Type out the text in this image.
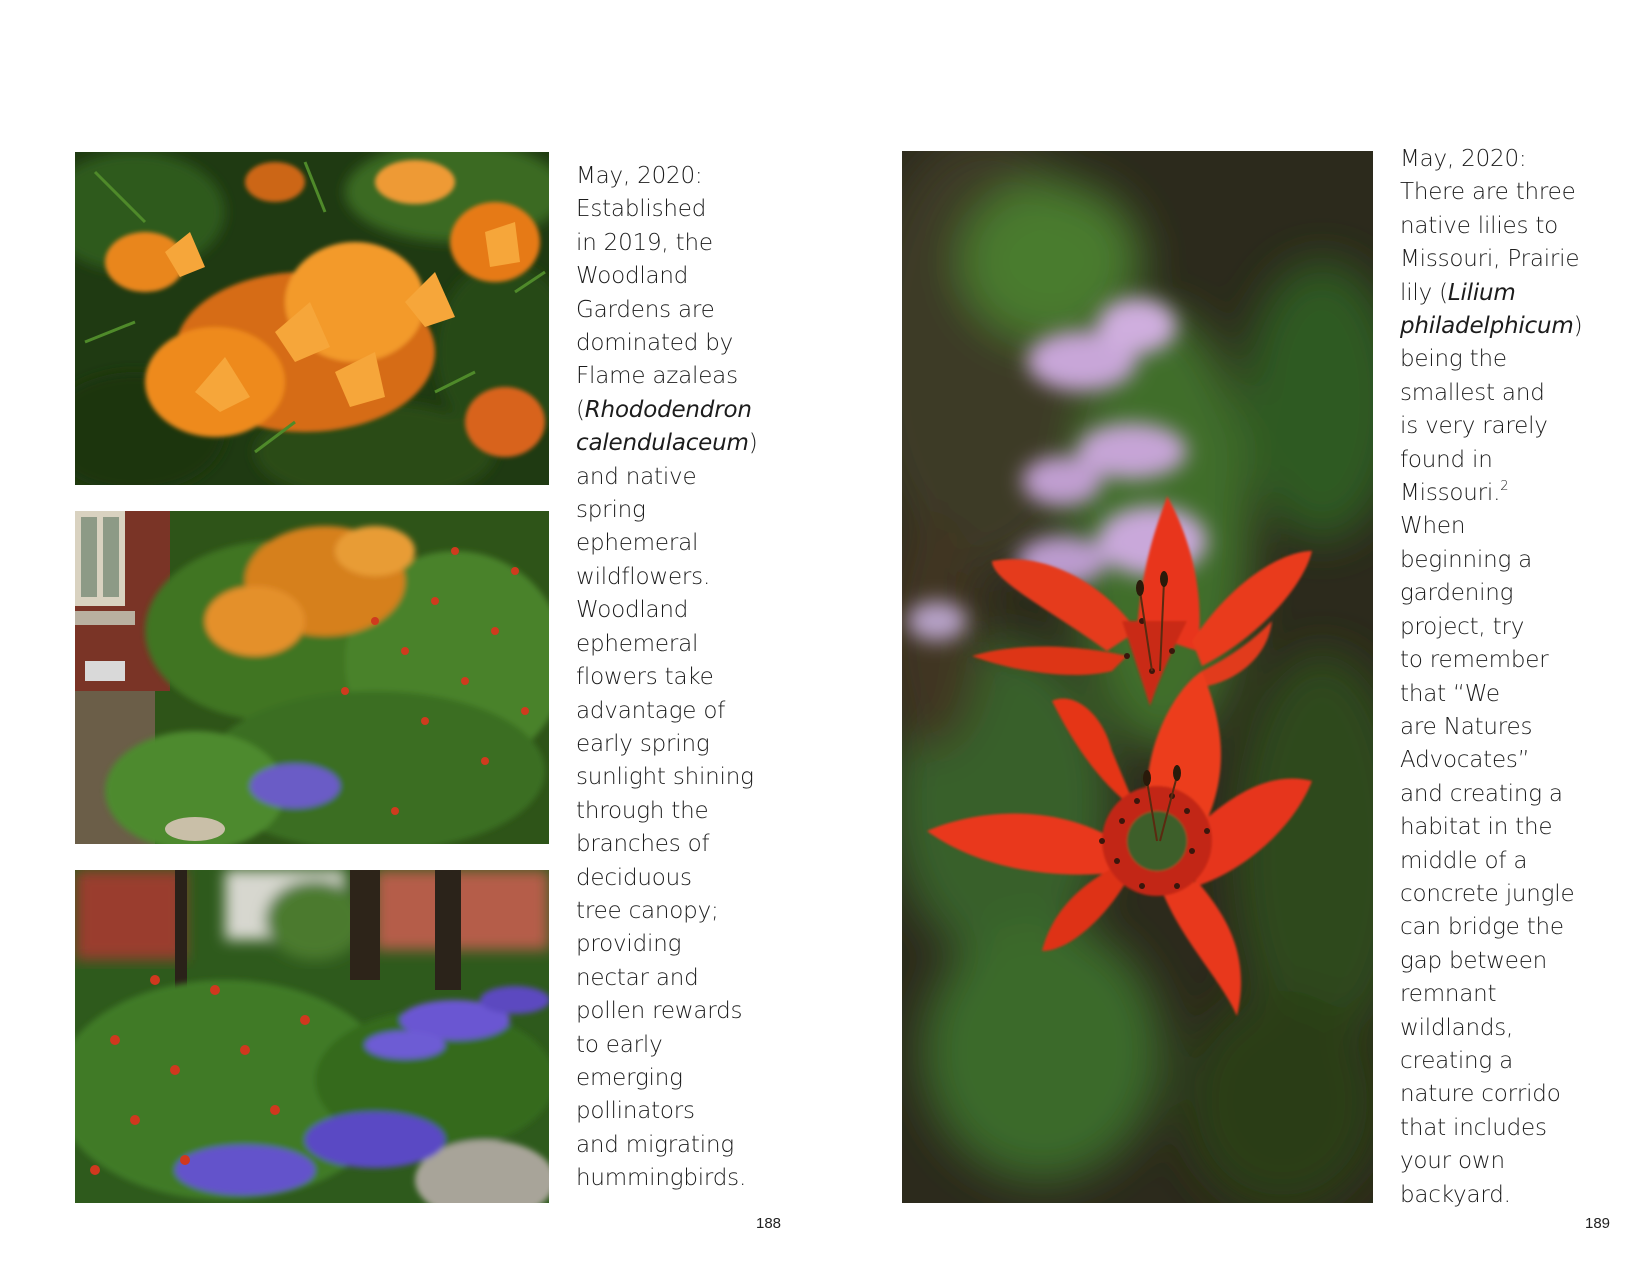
May, 2020:
Established
in 2019, the
Woodland
Gardens are
dominated by
Flame azaleas
(Rhododendron
calendulaceum)
and native
spring
ephemeral
wildflowers.
Woodland
ephemeral
flowers take
advantage of
early spring
sunlight shining
through the
branches of
deciduous
tree canopy;
providing
nectar and
pollen rewards
to early
emerging
pollinators
and migrating
hummingbirds.
188
May, 2020:
There are three
native lilies to
Missouri, Prairie
lily (Lilium
philadelphicum)
being the
smallest and
is very rarely
found in
Missouri.$^2$
When
beginning a
gardening
project, try
to remember
that “We
are Natures
Advocates”
and creating a
habitat in the
middle of a
concrete jungle
can bridge the
gap between
remnant
wildlands,
creating a
nature corrido
that includes
your own
backyard.
189
